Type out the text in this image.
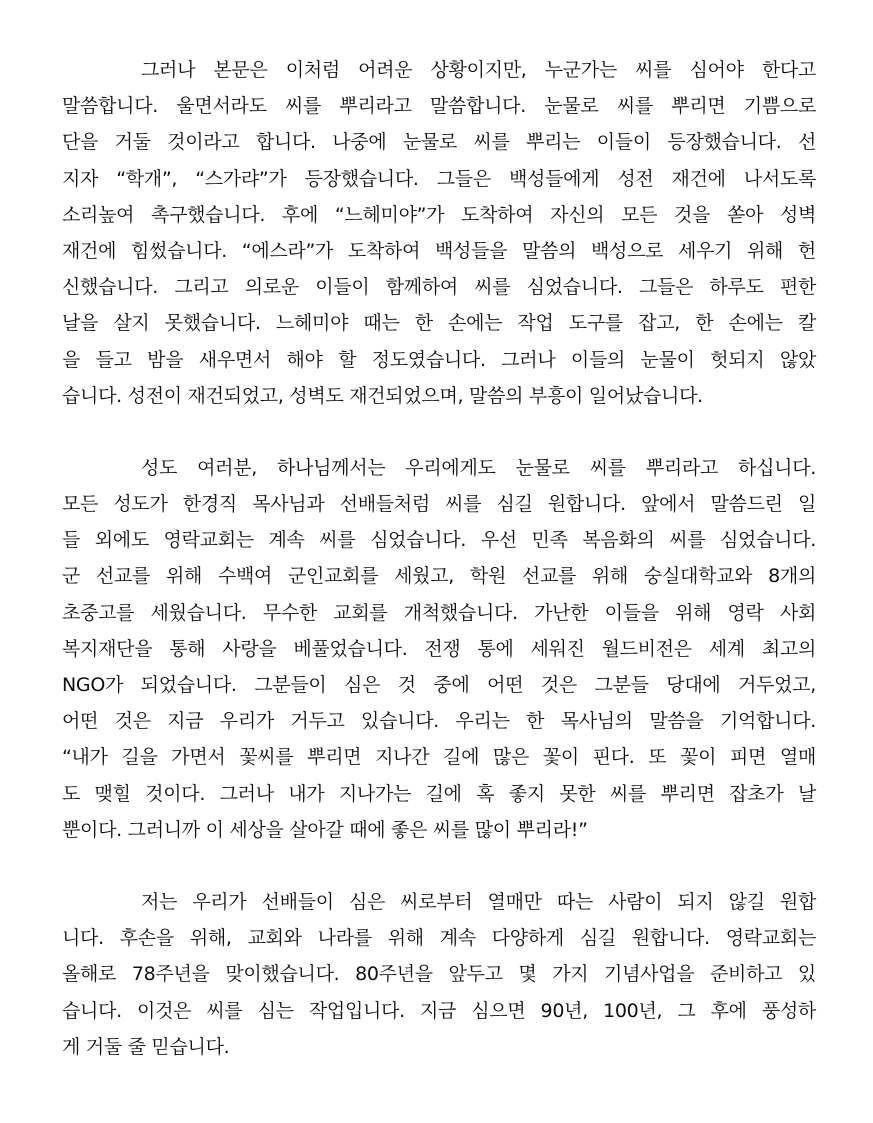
그러나 본문은 이처럼 어려운 상황이지만, 누군가는 씨를 심어야 한다고
말씀합니다. 울면서라도 씨를 뿌리라고 말씀합니다. 눈물로 씨를 뿌리면 기쁨으로
단을 거둘 것이라고 합니다. 나중에 눈물로 씨를 뿌리는 이들이 등장했습니다. 선
지자 “학개”, “스가랴”가 등장했습니다. 그들은 백성들에게 성전 재건에 나서도록
소리높여 촉구했습니다. 후에 “느헤미야”가 도착하여 자신의 모든 것을 쏟아 성벽
재건에 힘썼습니다. “에스라”가 도착하여 백성들을 말씀의 백성으로 세우기 위해 헌
신했습니다. 그리고 의로운 이들이 함께하여 씨를 심었습니다. 그들은 하루도 편한
날을 살지 못했습니다. 느헤미야 때는 한 손에는 작업 도구를 잡고, 한 손에는 칼
을 들고 밤을 새우면서 해야 할 정도였습니다. 그러나 이들의 눈물이 헛되지 않았
습니다. 성전이 재건되었고, 성벽도 재건되었으며, 말씀의 부흥이 일어났습니다.
성도 여러분, 하나님께서는 우리에게도 눈물로 씨를 뿌리라고 하십니다.
모든 성도가 한경직 목사님과 선배들처럼 씨를 심길 원합니다. 앞에서 말씀드린 일
들 외에도 영락교회는 계속 씨를 심었습니다. 우선 민족 복음화의 씨를 심었습니다.
군 선교를 위해 수백여 군인교회를 세웠고, 학원 선교를 위해 숭실대학교와 8개의
초중고를 세웠습니다. 무수한 교회를 개척했습니다. 가난한 이들을 위해 영락 사회
복지재단을 통해 사랑을 베풀었습니다. 전쟁 통에 세워진 월드비전은 세계 최고의
NGO가 되었습니다. 그분들이 심은 것 중에 어떤 것은 그분들 당대에 거두었고,
어떤 것은 지금 우리가 거두고 있습니다. 우리는 한 목사님의 말씀을 기억합니다.
“내가 길을 가면서 꽃씨를 뿌리면 지나간 길에 많은 꽃이 핀다. 또 꽃이 피면 열매
도 맺힐 것이다. 그러나 내가 지나가는 길에 혹 좋지 못한 씨를 뿌리면 잡초가 날
뿐이다. 그러니까 이 세상을 살아갈 때에 좋은 씨를 많이 뿌리라!”
저는 우리가 선배들이 심은 씨로부터 열매만 따는 사람이 되지 않길 원합
니다. 후손을 위해, 교회와 나라를 위해 계속 다양하게 심길 원합니다. 영락교회는
올해로 78주년을 맞이했습니다. 80주년을 앞두고 몇 가지 기념사업을 준비하고 있
습니다. 이것은 씨를 심는 작업입니다. 지금 심으면 90년, 100년, 그 후에 풍성하
게 거둘 줄 믿습니다.
